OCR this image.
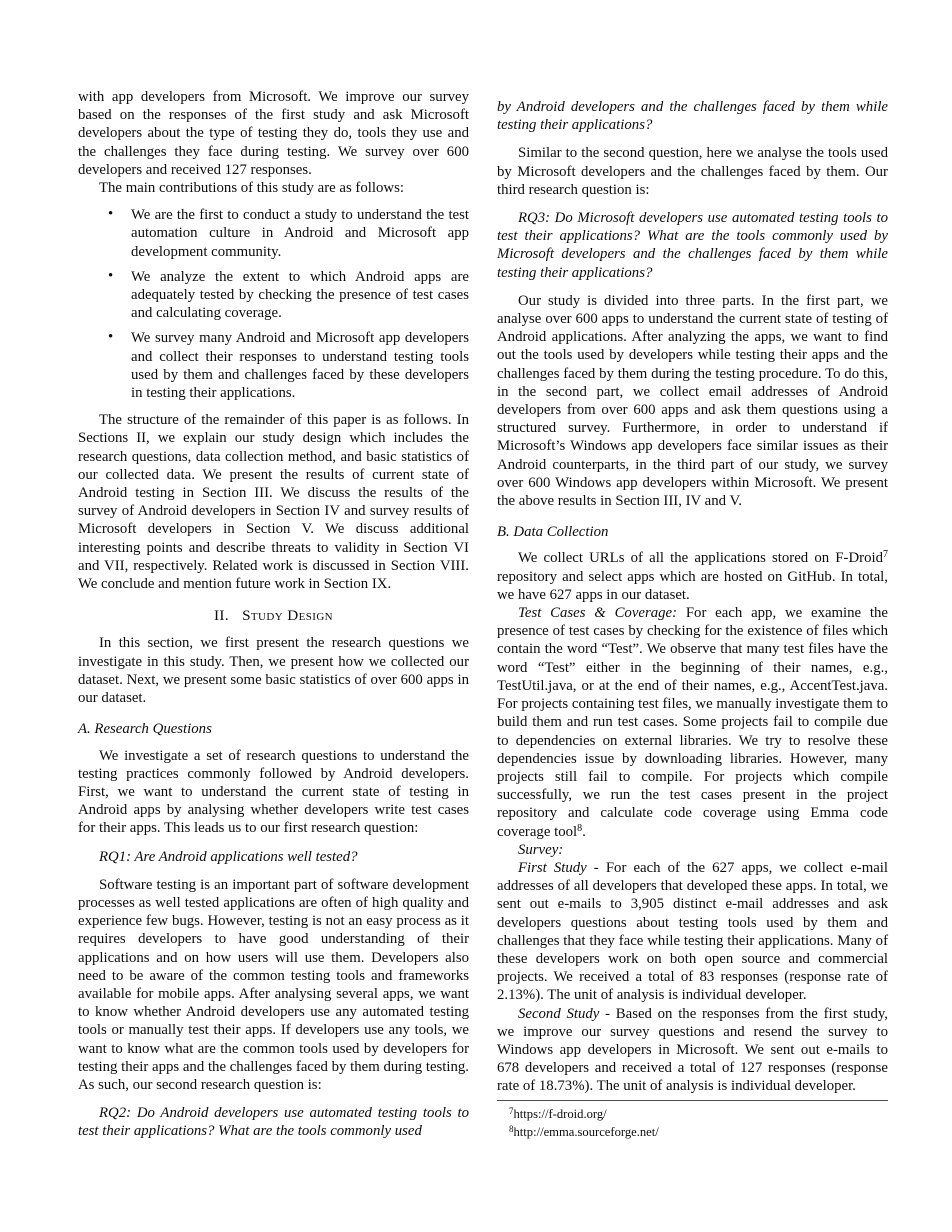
with app developers from Microsoft. We improve our survey based on the responses of the first study and ask Microsoft developers about the type of testing they do, tools they use and the challenges they face during testing. We survey over 600 developers and received 127 responses.

The main contributions of this study are as follows:

• We are the first to conduct a study to understand the test automation culture in Android and Microsoft app development community.
• We analyze the extent to which Android apps are adequately tested by checking the presence of test cases and calculating coverage.
• We survey many Android and Microsoft app developers and collect their responses to understand testing tools used by them and challenges faced by these developers in testing their applications.

The structure of the remainder of this paper is as follows. In Sections II, we explain our study design which includes the research questions, data collection method, and basic statistics of our collected data. We present the results of current state of Android testing in Section III. We discuss the results of the survey of Android developers in Section IV and survey results of Microsoft developers in Section V. We discuss additional interesting points and describe threats to validity in Section VI and VII, respectively. Related work is discussed in Section VIII. We conclude and mention future work in Section IX.

II. Study Design

In this section, we first present the research questions we investigate in this study. Then, we present how we collected our dataset. Next, we present some basic statistics of over 600 apps in our dataset.

A. Research Questions

We investigate a set of research questions to understand the testing practices commonly followed by Android developers. First, we want to understand the current state of testing in Android apps by analysing whether developers write test cases for their apps. This leads us to our first research question:

RQ1: Are Android applications well tested?

Software testing is an important part of software development processes as well tested applications are often of high quality and experience few bugs. However, testing is not an easy process as it requires developers to have good understanding of their applications and on how users will use them. Developers also need to be aware of the common testing tools and frameworks available for mobile apps. After analysing several apps, we want to know whether Android developers use any automated testing tools or manually test their apps. If developers use any tools, we want to know what are the common tools used by developers for testing their apps and the challenges faced by them during testing. As such, our second research question is:

RQ2: Do Android developers use automated testing tools to test their applications? What are the tools commonly used

by Android developers and the challenges faced by them while testing their applications?

Similar to the second question, here we analyse the tools used by Microsoft developers and the challenges faced by them. Our third research question is:

RQ3: Do Microsoft developers use automated testing tools to test their applications? What are the tools commonly used by Microsoft developers and the challenges faced by them while testing their applications?

Our study is divided into three parts. In the first part, we analyse over 600 apps to understand the current state of testing of Android applications. After analyzing the apps, we want to find out the tools used by developers while testing their apps and the challenges faced by them during the testing procedure. To do this, in the second part, we collect email addresses of Android developers from over 600 apps and ask them questions using a structured survey. Furthermore, in order to understand if Microsoft’s Windows app developers face similar issues as their Android counterparts, in the third part of our study, we survey over 600 Windows app developers within Microsoft. We present the above results in Section III, IV and V.

B. Data Collection

We collect URLs of all the applications stored on F-Droid$^7$ repository and select apps which are hosted on GitHub. In total, we have 627 apps in our dataset.

Test Cases & Coverage: For each app, we examine the presence of test cases by checking for the existence of files which contain the word “Test”. We observe that many test files have the word “Test” either in the beginning of their names, e.g., TestUtil.java, or at the end of their names, e.g., AccentTest.java. For projects containing test files, we manually investigate them to build them and run test cases. Some projects fail to compile due to dependencies on external libraries. We try to resolve these dependencies issue by downloading libraries. However, many projects still fail to compile. For projects which compile successfully, we run the test cases present in the project repository and calculate code coverage using Emma code coverage tool$^8$.

Survey:

First Study - For each of the 627 apps, we collect e-mail addresses of all developers that developed these apps. In total, we sent out e-mails to 3,905 distinct e-mail addresses and ask developers questions about testing tools used by them and challenges that they face while testing their applications. Many of these developers work on both open source and commercial projects. We received a total of 83 responses (response rate of 2.13%). The unit of analysis is individual developer.

Second Study - Based on the responses from the first study, we improve our survey questions and resend the survey to Windows app developers in Microsoft. We sent out e-mails to 678 developers and received a total of 127 responses (response rate of 18.73%). The unit of analysis is individual developer.

$^7$https://f-droid.org/
$^8$http://emma.sourceforge.net/
